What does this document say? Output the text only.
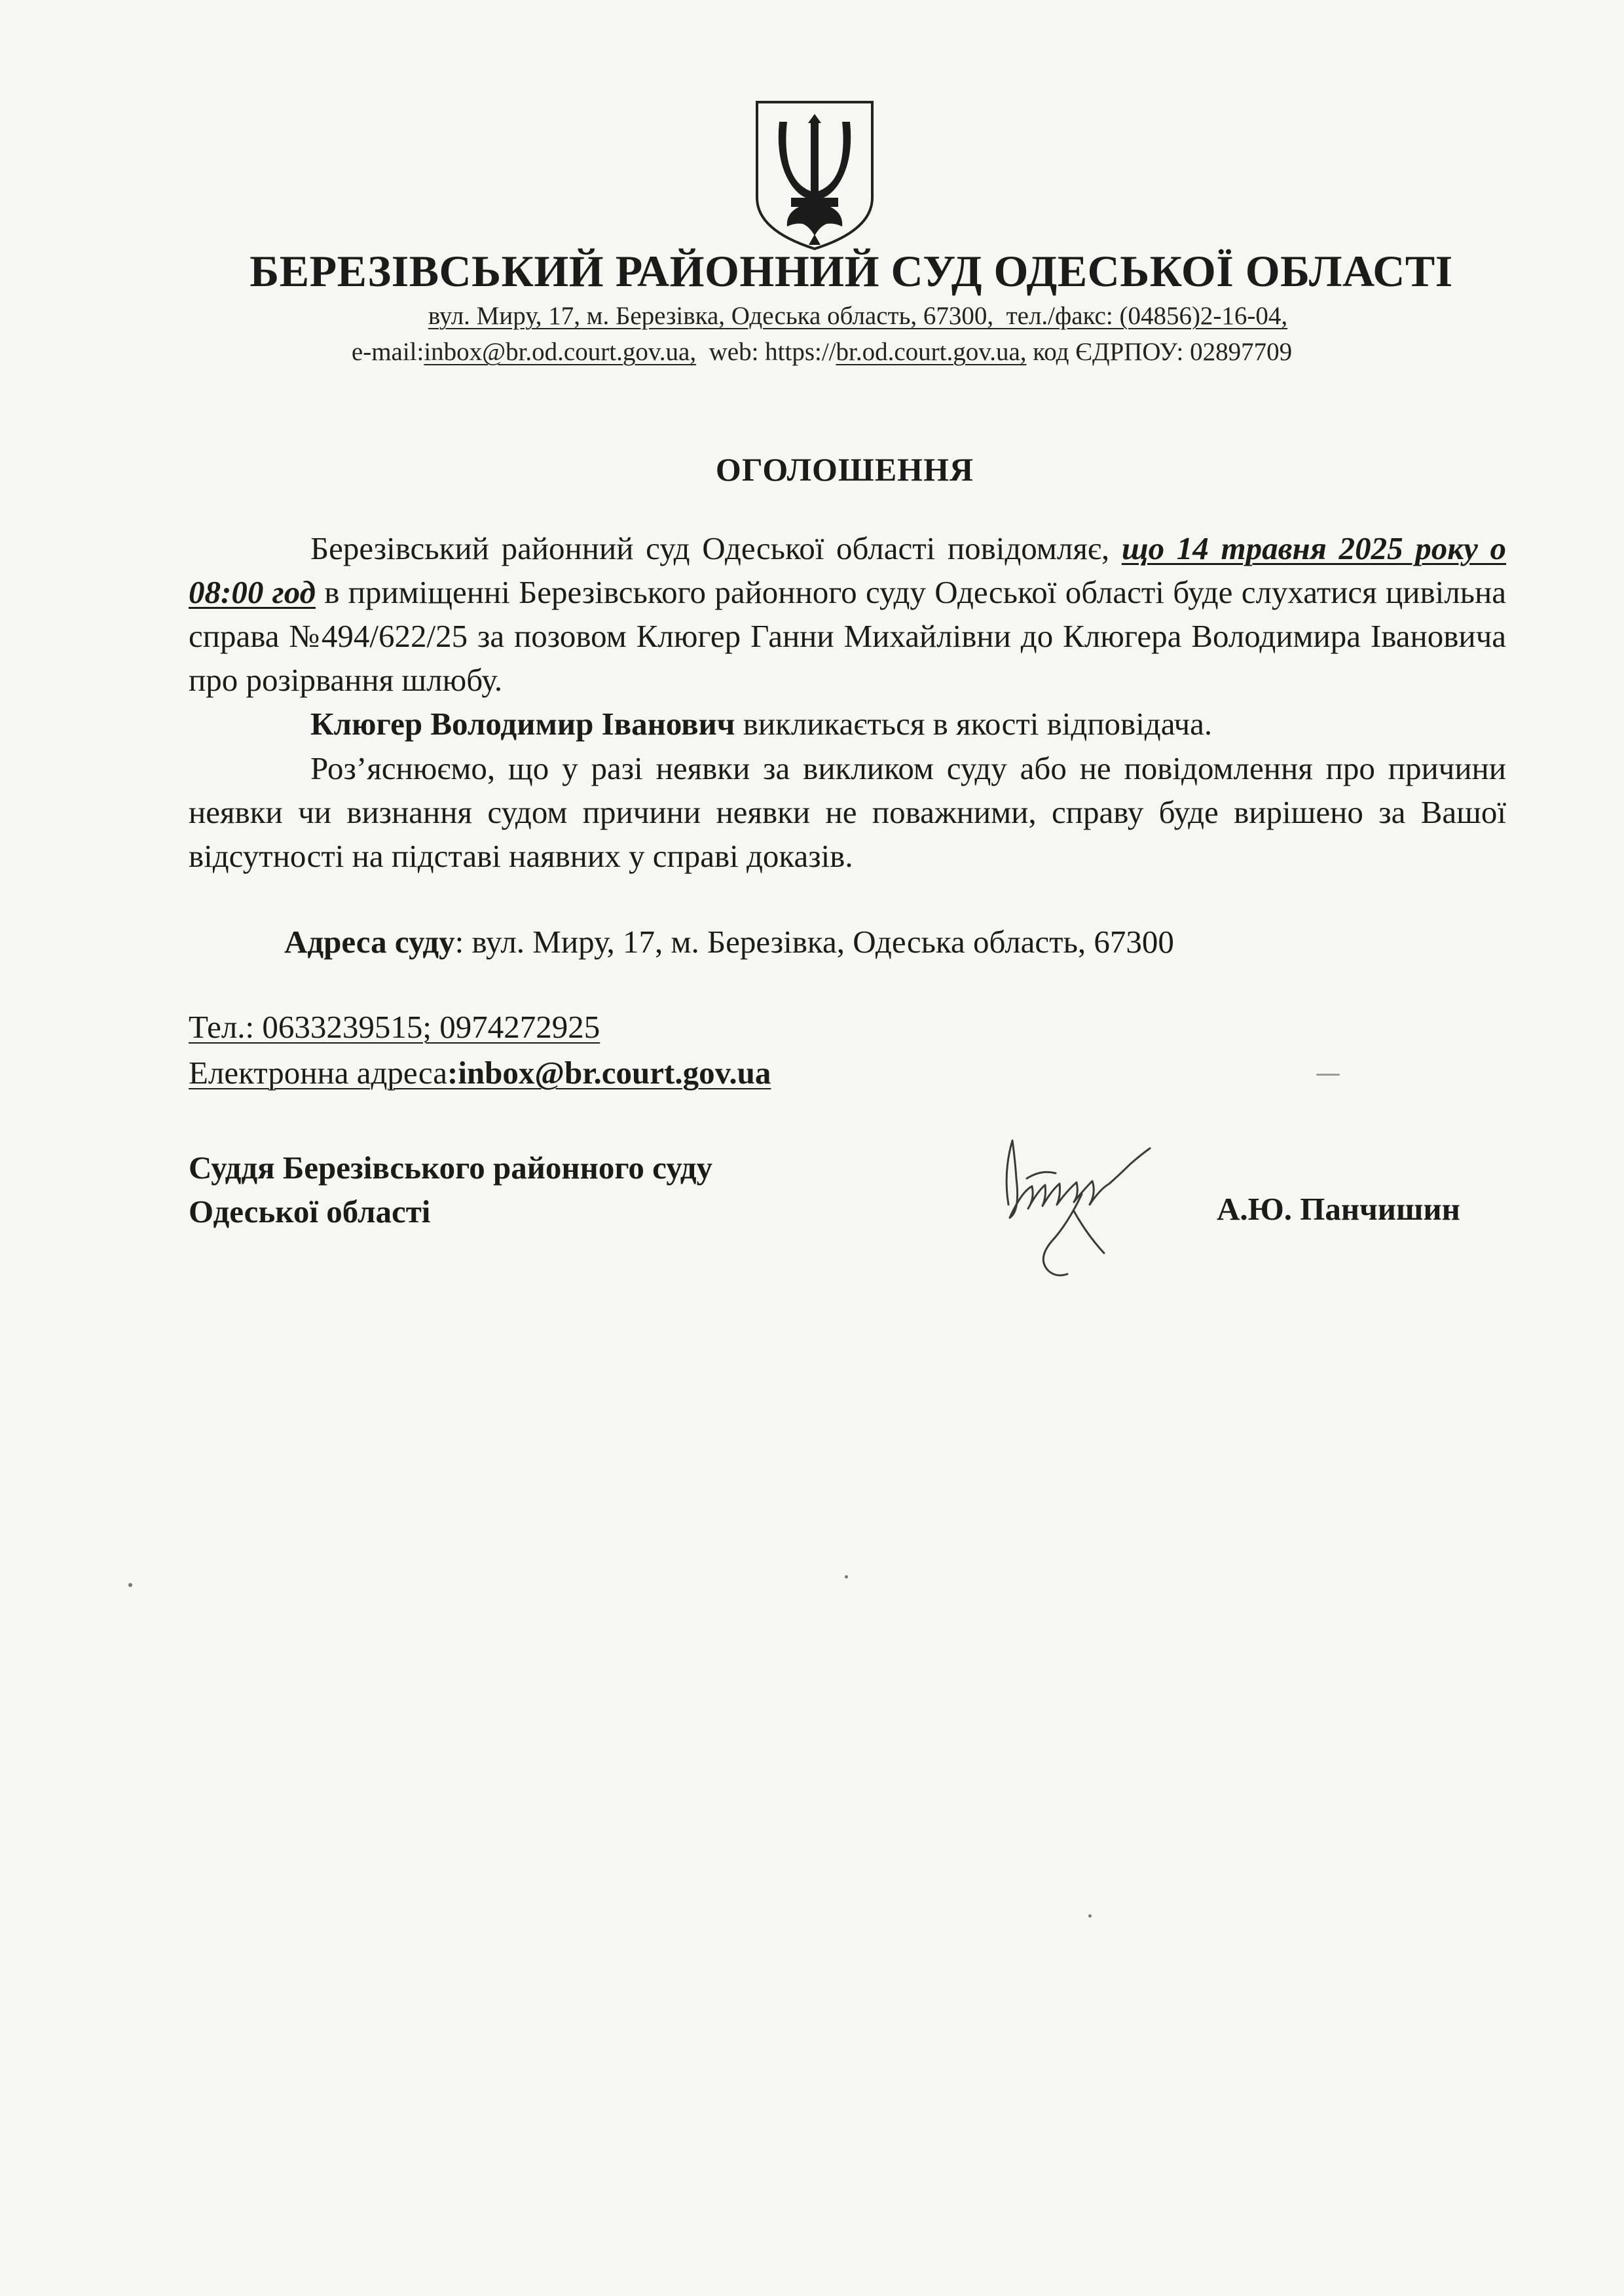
БЕРЕЗІВСЬКИЙ РАЙОННИЙ СУД ОДЕСЬКОЇ ОБЛАСТІ
вул. Миру, 17, м. Березівка, Одеська область, 67300,  тел./факс: (04856)2-16-04,
e-mail:inbox@br.od.court.gov.ua,  web: https://br.od.court.gov.ua, код ЄДРПОУ: 02897709
ОГОЛОШЕННЯ

Березівський районний суд Одеської області повідомляє, що 14 травня 2025 року о 08:00 год в приміщенні Березівського районного суду Одеської області буде слухатися цивільна справа №494/622/25 за позовом Клюгер Ганни Михайлівни до Клюгера Володимира Івановича про розірвання шлюбу.

Клюгер Володимир Іванович викликається в якості відповідача.

Роз’яснюємо, що у разі неявки за викликом суду або не повідомлення про причини неявки чи визнання судом причини неявки не поважними, справу буде вирішено за Вашої відсутності на підставі наявних у справі доказів.

Адреса суду: вул. Миру, 17, м. Березівка, Одеська область, 67300
Тел.: 0633239515; 0974272925
Електронна адреса:inbox@br.court.gov.ua
Суддя Березівського районного суду
Одеської області	А.Ю. Панчишин
